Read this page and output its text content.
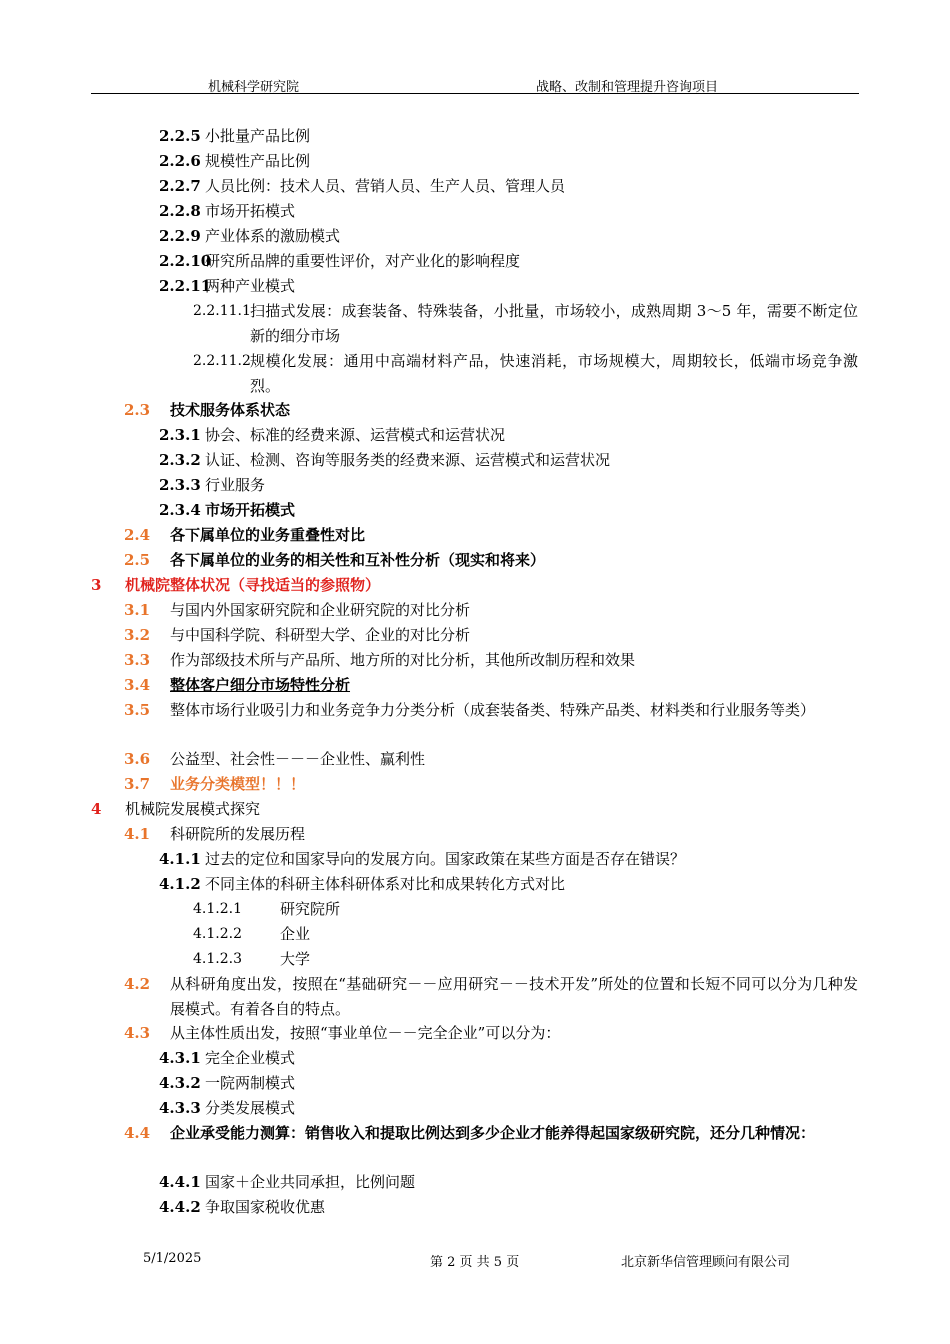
机械科学研究院	战略、改制和管理提升咨询项目
2.2.5 小批量产品比例
2.2.6 规模性产品比例
2.2.7 人员比例：技术人员、营销人员、生产人员、管理人员
2.2.8 市场开拓模式
2.2.9 产业体系的激励模式
2.2.10
研究所品牌的重要性评价，对产业化的影响程度
2.2.11
两种产业模式
2.2.11.1 扫描式发展：成套装备、特殊装备，小批量，市场较小，成熟周期 3～5 年，需要不断定位新的细分市场
2.2.11.2 规模化发展：通用中高端材料产品，快速消耗，市场规模大，周期较长，低端市场竞争激烈。
2.3 技术服务体系状态
2.3.1 协会、标准的经费来源、运营模式和运营状况
2.3.2 认证、检测、咨询等服务类的经费来源、运营模式和运营状况
2.3.3 行业服务
2.3.4 市场开拓模式
2.4 各下属单位的业务重叠性对比
2.5 各下属单位的业务的相关性和互补性分析（现实和将来）
3 机械院整体状况（寻找适当的参照物）
3.1 与国内外国家研究院和企业研究院的对比分析
3.2 与中国科学院、科研型大学、企业的对比分析
3.3 作为部级技术所与产品所、地方所的对比分析，其他所改制历程和效果
3.4 整体客户细分市场特性分析
3.5 整体市场行业吸引力和业务竞争力分类分析（成套装备类、特殊产品类、材料类和行业服务等类）
3.6 公益型、社会性－－－企业性、赢利性
3.7 业务分类模型！！！
4 机械院发展模式探究
4.1 科研院所的发展历程
4.1.1 过去的定位和国家导向的发展方向。国家政策在某些方面是否存在错误？
4.1.2 不同主体的科研主体科研体系对比和成果转化方式对比
4.1.2.1	研究院所
4.1.2.2	企业
4.1.2.3	大学
4.2 从科研角度出发，按照在“基础研究－－应用研究－－技术开发”所处的位置和长短不同可以分为几种发展模式。有着各自的特点。
4.3 从主体性质出发，按照“事业单位－－完全企业”可以分为：
4.3.1 完全企业模式
4.3.2 一院两制模式
4.3.3 分类发展模式
4.4 企业承受能力测算：销售收入和提取比例达到多少企业才能养得起国家级研究院，还分几种情况：
4.4.1 国家＋企业共同承担，比例问题
4.4.2 争取国家税收优惠
5/1/2025	第 2 页 共 5 页	北京新华信管理顾问有限公司
